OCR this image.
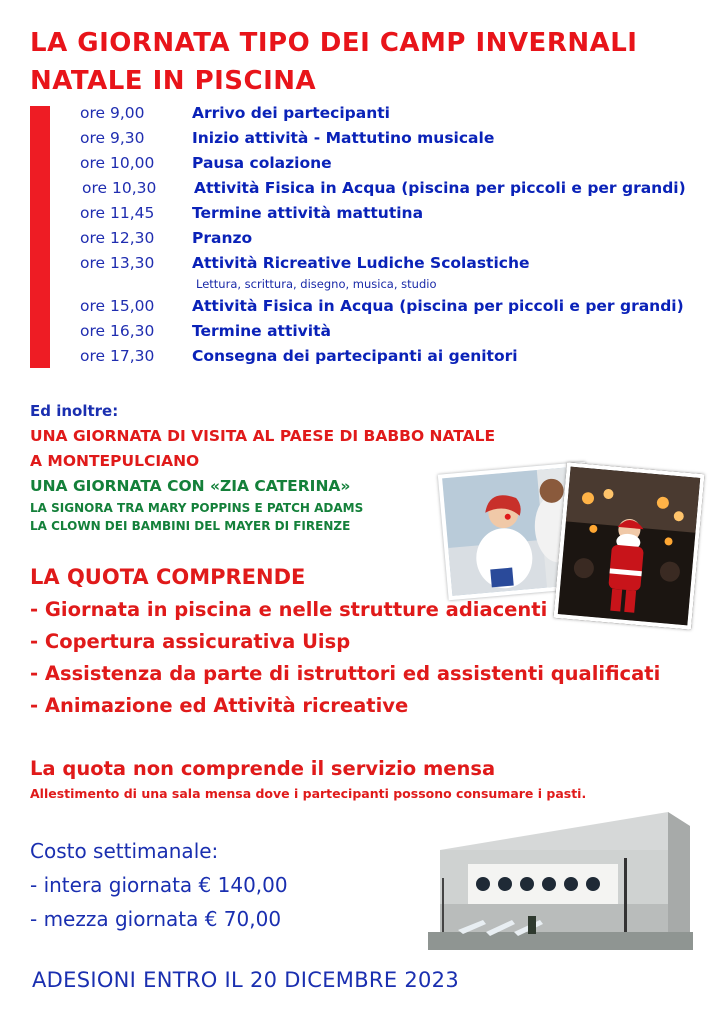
LA GIORNATA TIPO DEI CAMP INVERNALI
NATALE IN PISCINA
ore 9,00	Arrivo dei partecipanti
ore 9,30	Inizio attività - Mattutino musicale
ore 10,00 Pausa colazione
ore 10,30 Attività Fisica in Acqua (piscina per piccoli e per grandi)
ore 11,45 Termine attività mattutina
ore 12,30 Pranzo
ore 13,30 Attività Ricreative Ludiche Scolastiche
Lettura, scrittura, disegno, musica, studio
ore 15,00 Attività Fisica in Acqua (piscina per piccoli e per grandi)
ore 16,30 Termine attività
ore 17,30 Consegna dei partecipanti ai genitori
Ed inoltre:
UNA GIORNATA DI VISITA AL PAESE DI BABBO NATALE
A MONTEPULCIANO
UNA GIORNATA CON «ZIA CATERINA»
LA SIGNORA TRA MARY POPPINS E PATCH ADAMS
LA CLOWN DEI BAMBINI DEL MAYER DI FIRENZE
LA QUOTA COMPRENDE
- Giornata in piscina e nelle strutture adiacenti
- Copertura assicurativa Uisp
- Assistenza da parte di istruttori ed assistenti qualificati
- Animazione ed Attività ricreative
La quota non comprende il servizio mensa
Allestimento di una sala mensa dove i partecipanti possono consumare i pasti.
Costo settimanale:
- intera giornata € 140,00
- mezza giornata € 70,00
ADESIONI ENTRO IL 20 DICEMBRE 2023
